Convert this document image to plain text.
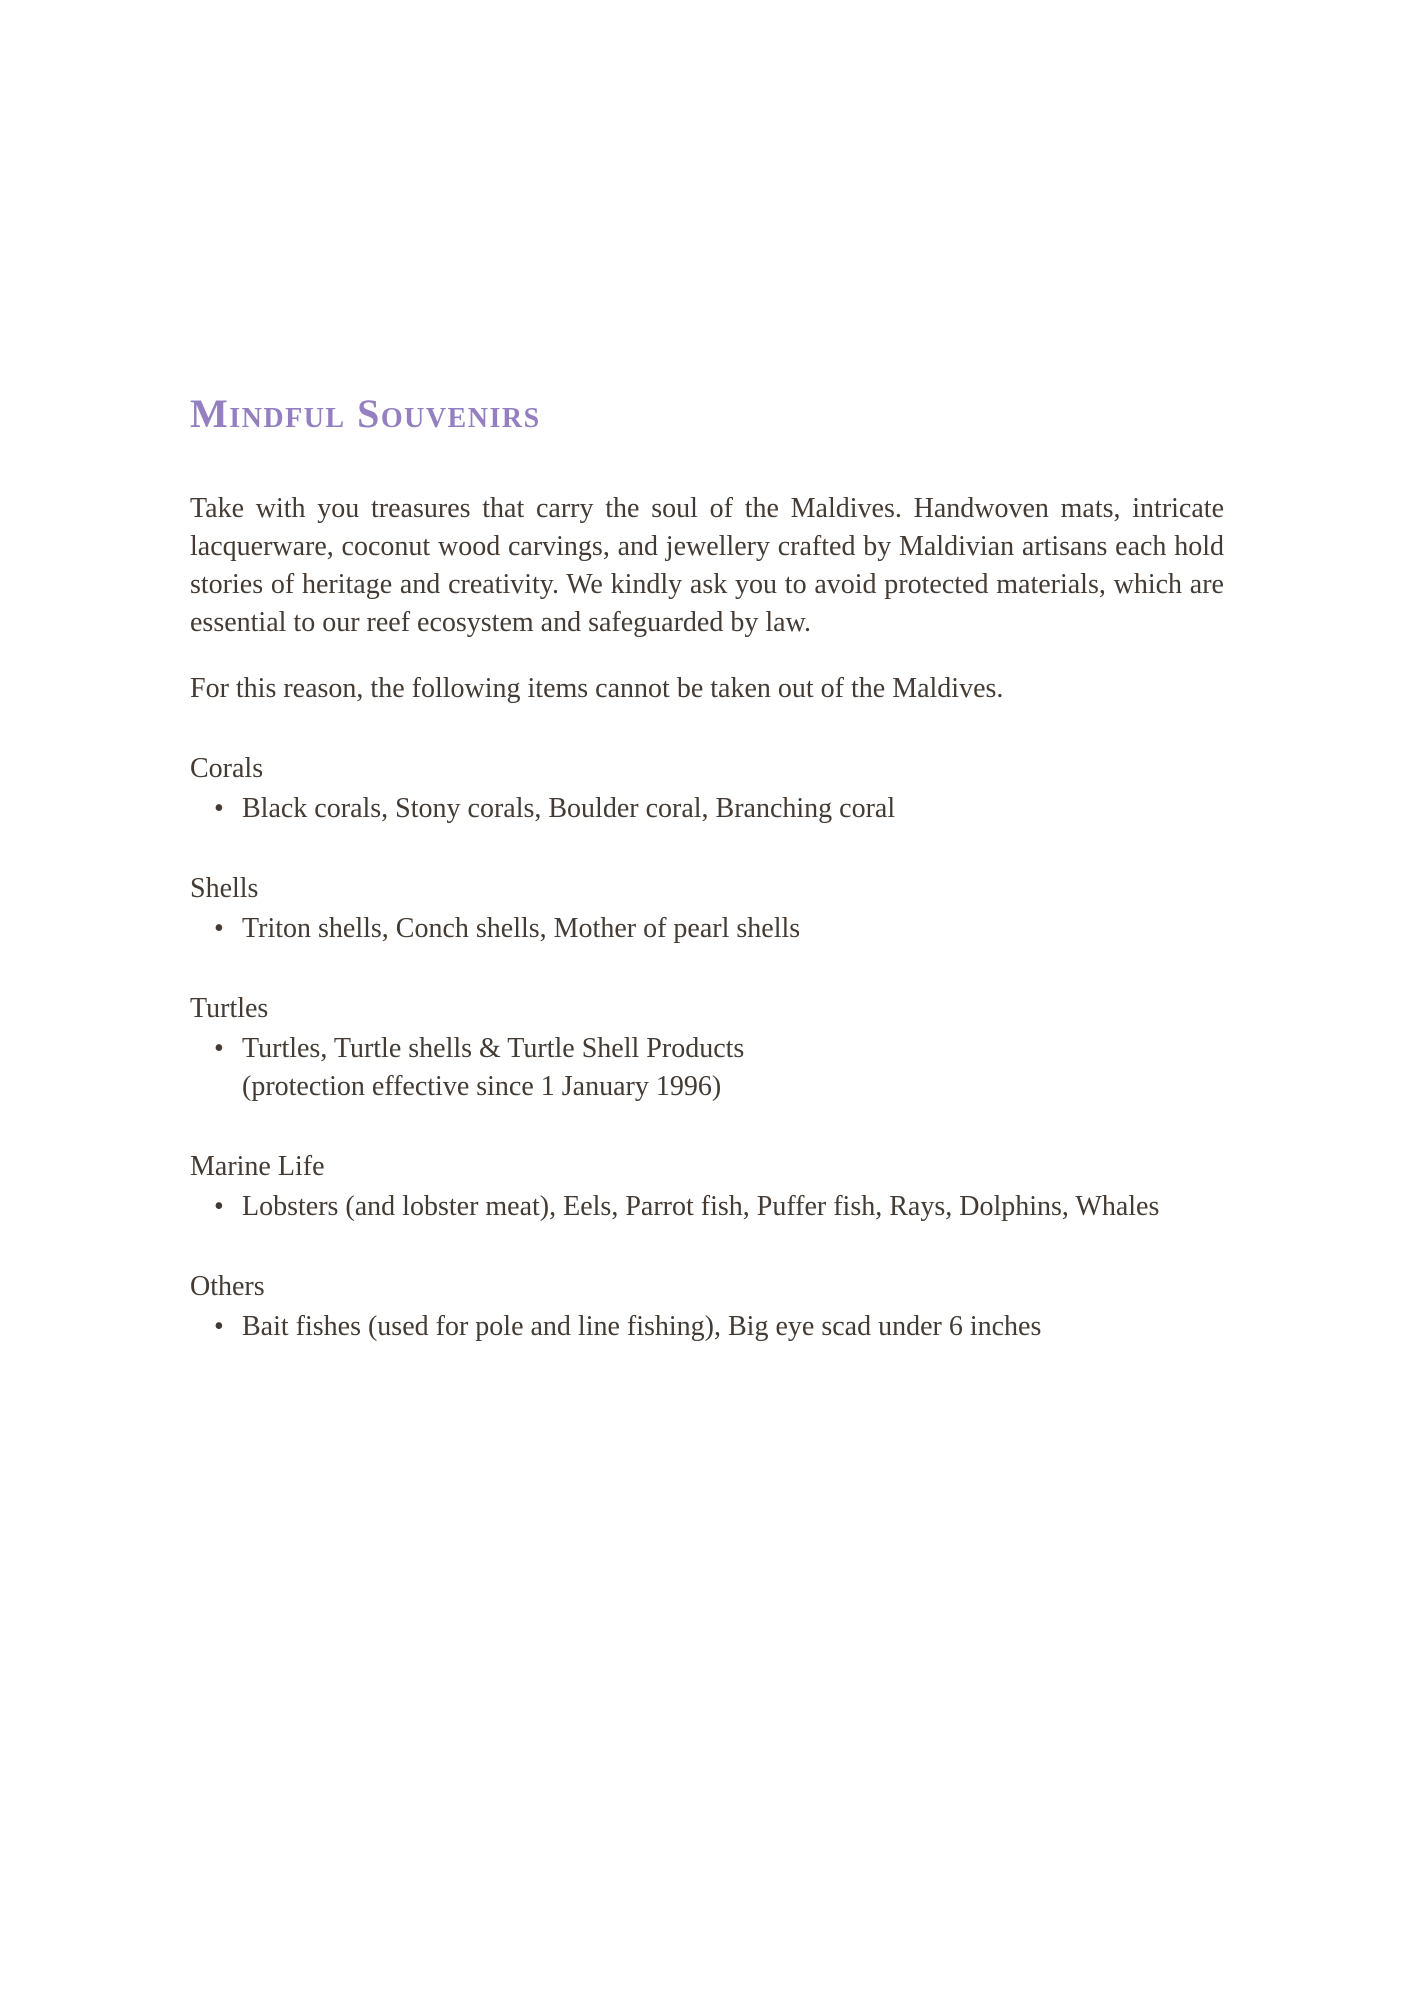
Mindful Souvenirs

Take with you treasures that carry the soul of the Maldives. Handwoven mats, intricate lacquerware, coconut wood carvings, and jewellery crafted by Maldivian artisans each hold stories of heritage and creativity. We kindly ask you to avoid protected materials, which are essential to our reef ecosystem and safeguarded by law.

For this reason, the following items cannot be taken out of the Maldives.

Corals
• Black corals, Stony corals, Boulder coral, Branching coral
Shells
• Triton shells, Conch shells, Mother of pearl shells
Turtles
• Turtles, Turtle shells & Turtle Shell Products
(protection effective since 1 January 1996)
Marine Life
• Lobsters (and lobster meat), Eels, Parrot fish, Puffer fish, Rays, Dolphins, Whales
Others
• Bait fishes (used for pole and line fishing), Big eye scad under 6 inches
